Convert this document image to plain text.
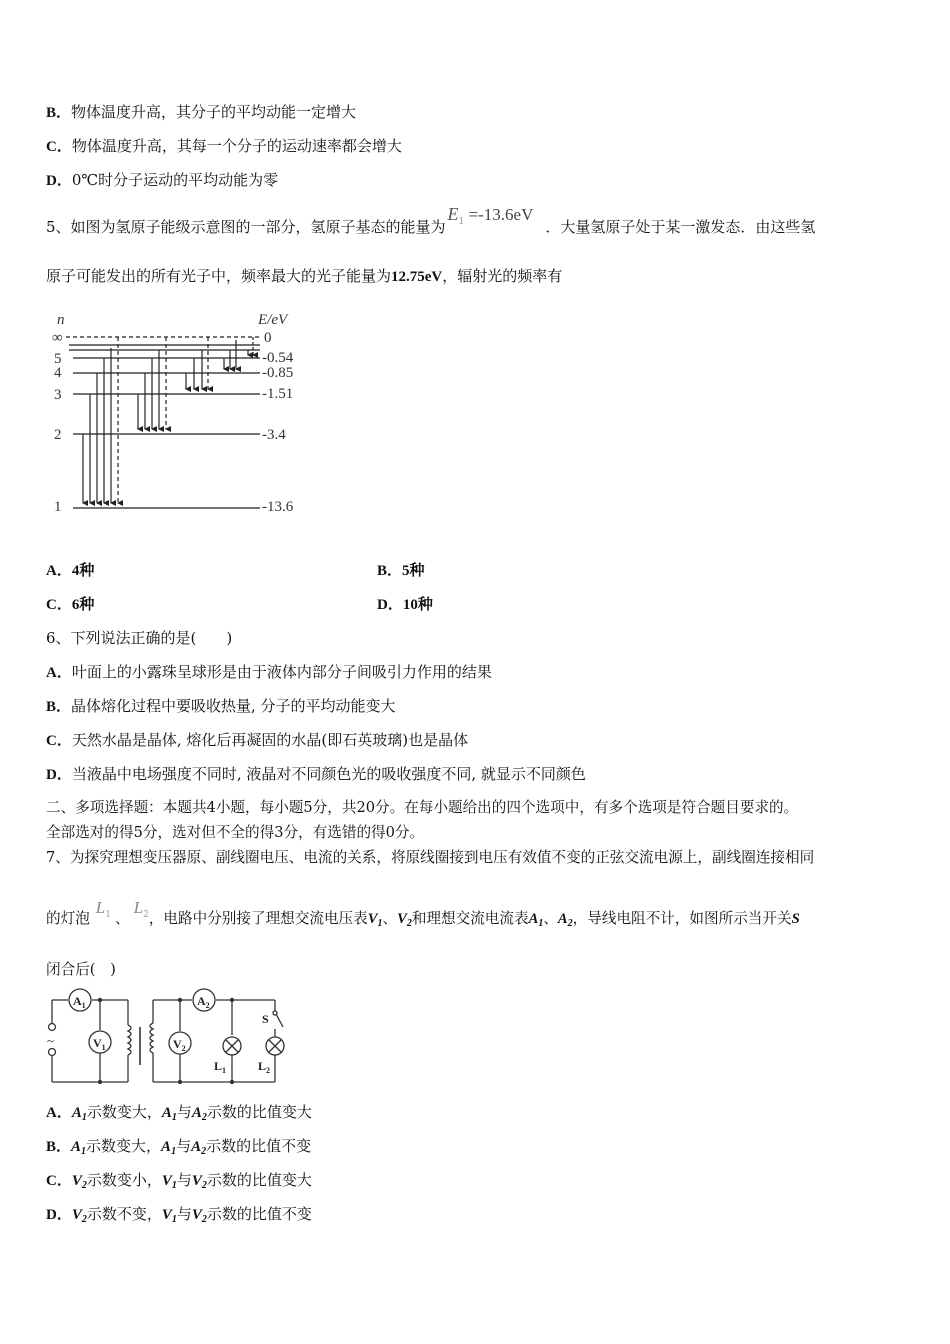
B．物体温度升高，其分子的平均动能一定增大
C．物体温度升高，其每一个分子的运动速率都会增大
D．0℃时分子运动的平均动能为零
5、如图为氢原子能级示意图的一部分，氢原子基态的能量为$E_1 =-13.6eV$．大量氢原子处于某一激发态．由这些氢
原子可能发出的所有光子中，频率最大的光子能量为12.75eV，辐射光的频率有
n	E/eV
∞
5
4
3
2
1
0
-0.54
-0.85
-1.51
-3.4
-13.6
A．4种	B．5种
C．6种	D．10种
6、下列说法正确的是(　　)
A．叶面上的小露珠呈球形是由于液体内部分子间吸引力作用的结果
B．晶体熔化过程中要吸收热量, 分子的平均动能变大
C．天然水晶是晶体, 熔化后再凝固的水晶(即石英玻璃)也是晶体
D．当液晶中电场强度不同时, 液晶对不同颜色光的吸收强度不同, 就显示不同颜色
二、多项选择题：本题共4小题，每小题5分，共20分。在每小题给出的四个选项中，有多个选项是符合题目要求的。
全部选对的得5分，选对但不全的得3分，有选错的得0分。
7、为探究理想变压器原、副线圈电压、电流的关系，将原线圈接到电压有效值不变的正弦交流电源上，副线圈连接相同
的灯泡$L_1$ 、$L_2$，电路中分别接了理想交流电压表$V_1$、$V_2$和理想交流电流表$A_1$、$A_2$，导线电阻不计，如图所示当开关S
闭合后(　)
$A_1$
$V_1$
$A_2$
$V_2$
$L_1$	$L_2$
S
~
A．$A_1$示数变大，$A_1$与$A_2$示数的比值变大
B．$A_1$示数变大，$A_1$与$A_2$示数的比值不变
C．$V_2$示数变小，$V_1$与$V_2$示数的比值变大
D．$V_2$示数不变，$V_1$与$V_2$示数的比值不变
